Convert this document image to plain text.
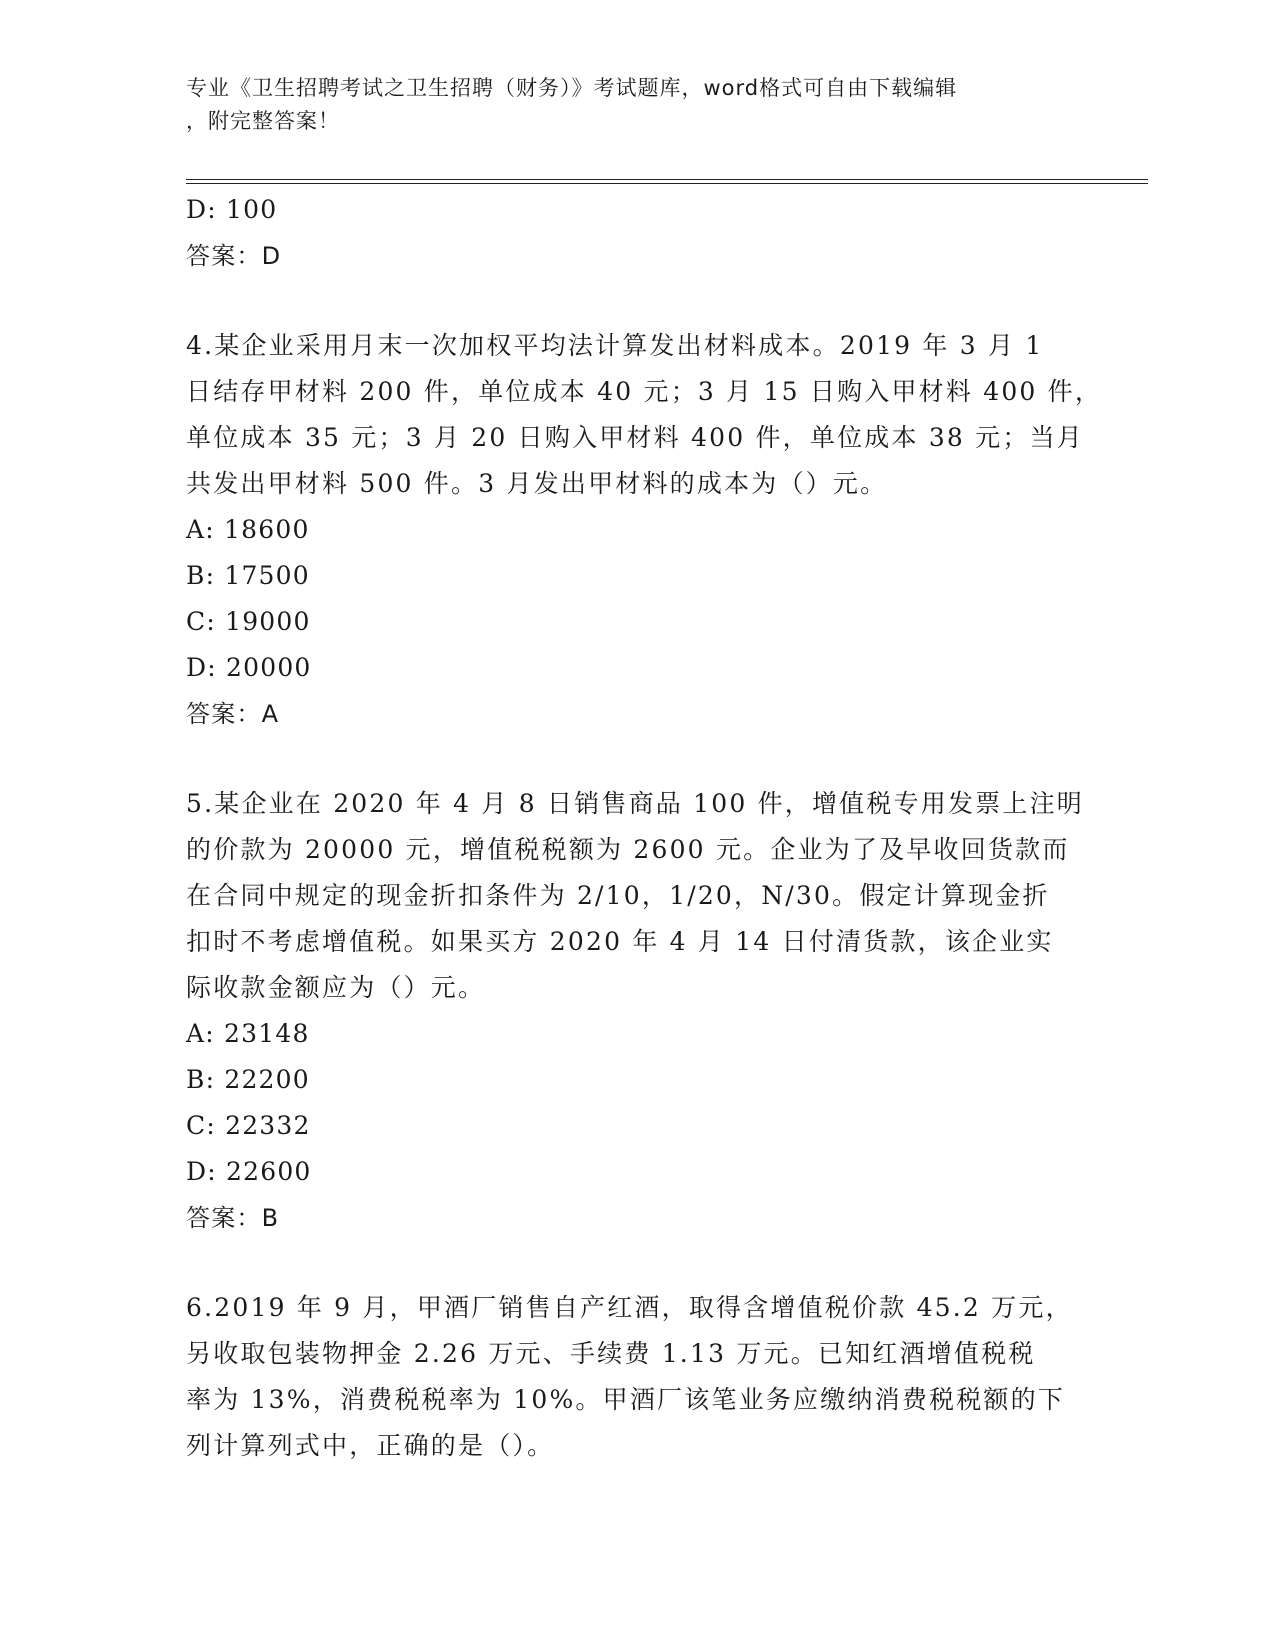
专业《卫生招聘考试之卫生招聘（财务）》考试题库，word格式可自由下载编辑
，附完整答案！
D: 100
答案：D
4.某企业采用月末一次加权平均法计算发出材料成本。2019 年 3 月 1
日结存甲材料 200 件，单位成本 40 元；3 月 15 日购入甲材料 400 件，
单位成本 35 元；3 月 20 日购入甲材料 400 件，单位成本 38 元；当月
共发出甲材料 500 件。3 月发出甲材料的成本为（）元。
A: 18600
B: 17500
C: 19000
D: 20000
答案：A
5.某企业在 2020 年 4 月 8 日销售商品 100 件，增值税专用发票上注明
的价款为 20000 元，增值税税额为 2600 元。企业为了及早收回货款而
在合同中规定的现金折扣条件为 2/10，1/20，N/30。假定计算现金折
扣时不考虑增值税。如果买方 2020 年 4 月 14 日付清货款，该企业实
际收款金额应为（）元。
A: 23148
B: 22200
C: 22332
D: 22600
答案：B
6.2019 年 9 月，甲酒厂销售自产红酒，取得含增值税价款 45.2 万元，
另收取包装物押金 2.26 万元、手续费 1.13 万元。已知红酒增值税税
率为 13%，消费税税率为 10%。甲酒厂该笔业务应缴纳消费税税额的下
列计算列式中，正确的是（）。
